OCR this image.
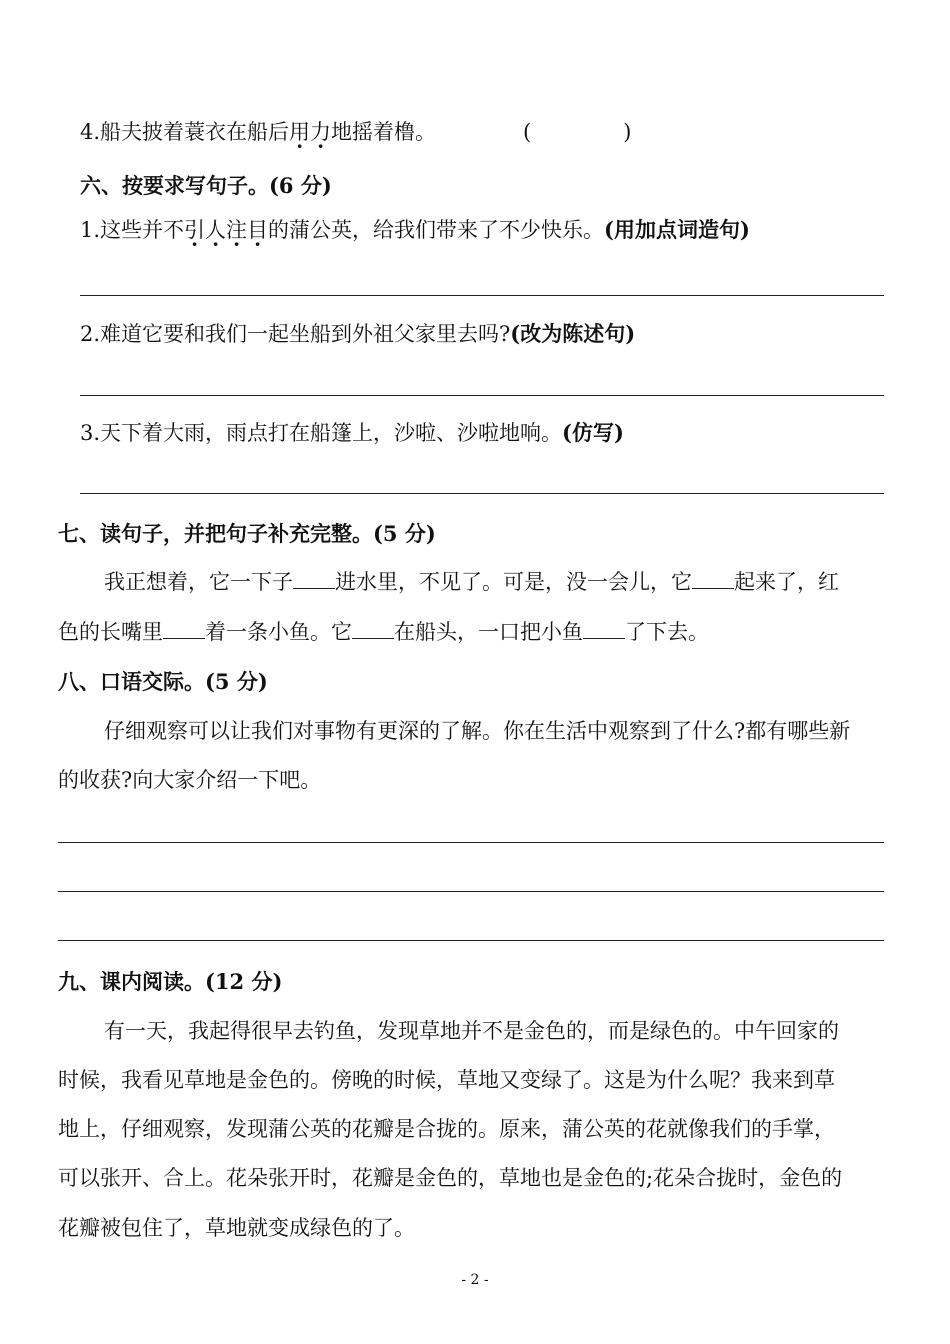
4.船夫披着蓑衣在船后用力地摇着橹。	(	)
六、按要求写句子。(6 分)
1.这些并不引人注目的蒲公英，给我们带来了不少快乐。(用加点词造句)
2.难道它要和我们一起坐船到外祖父家里去吗?(改为陈述句)
3.天下着大雨，雨点打在船篷上，沙啦、沙啦地响。(仿写)
七、读句子，并把句子补充完整。(5 分)
我正想着，它一下子 进水里，不见了。可是，没一会儿，它 起来了，红
色的长嘴里 着一条小鱼。它 在船头，一口把小鱼 了下去。
八、口语交际。(5 分)
仔细观察可以让我们对事物有更深的了解。你在生活中观察到了什么?都有哪些新
的收获?向大家介绍一下吧。
九、课内阅读。(12 分)
有一天，我起得很早去钓鱼，发现草地并不是金色的，而是绿色的。中午回家的
时候，我看见草地是金色的。傍晚的时候，草地又变绿了。这是为什么呢？我来到草
地上，仔细观察，发现蒲公英的花瓣是合拢的。原来，蒲公英的花就像我们的手掌，
可以张开、合上。花朵张开时，花瓣是金色的，草地也是金色的;花朵合拢时，金色的
花瓣被包住了，草地就变成绿色的了。
- 2 -
